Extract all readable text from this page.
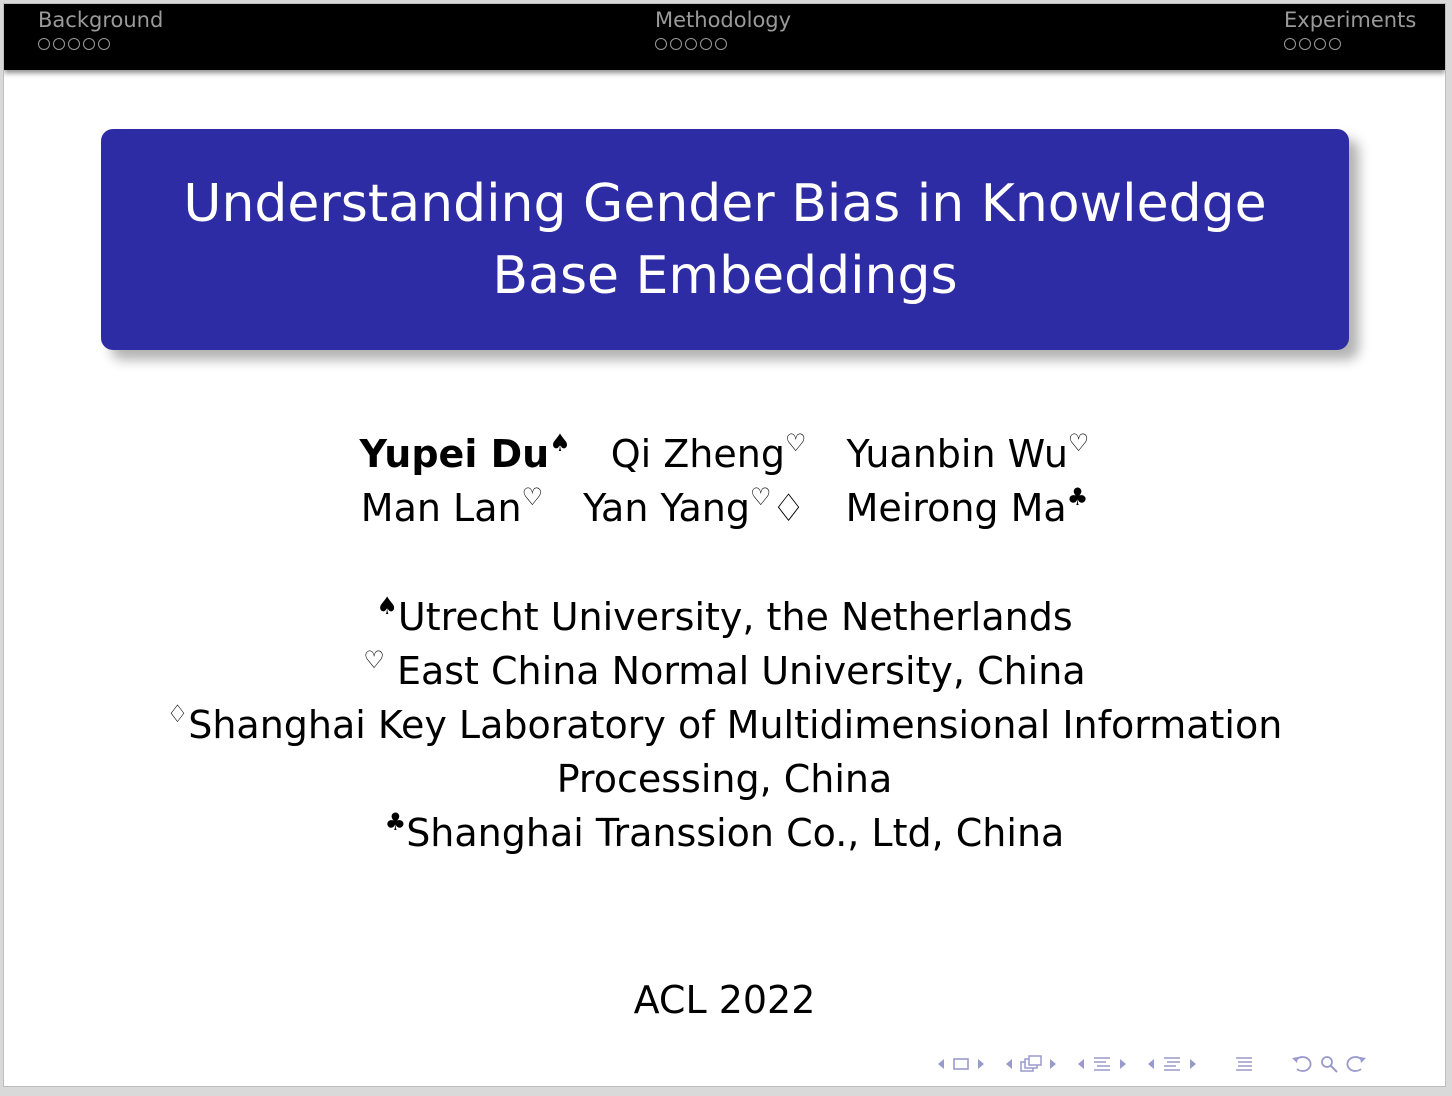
Background	Methodology	Experiments
Understanding Gender Bias in Knowledge Base Embeddings
Yupei Du♠ Qi Zheng♡ Yuanbin Wu♡
Man Lan♡ Yan Yang♡♢ Meirong Ma♣
♠Utrecht University, the Netherlands
♡ East China Normal University, China
♢Shanghai Key Laboratory of Multidimensional Information Processing, China
♣Shanghai Transsion Co., Ltd, China
ACL 2022
